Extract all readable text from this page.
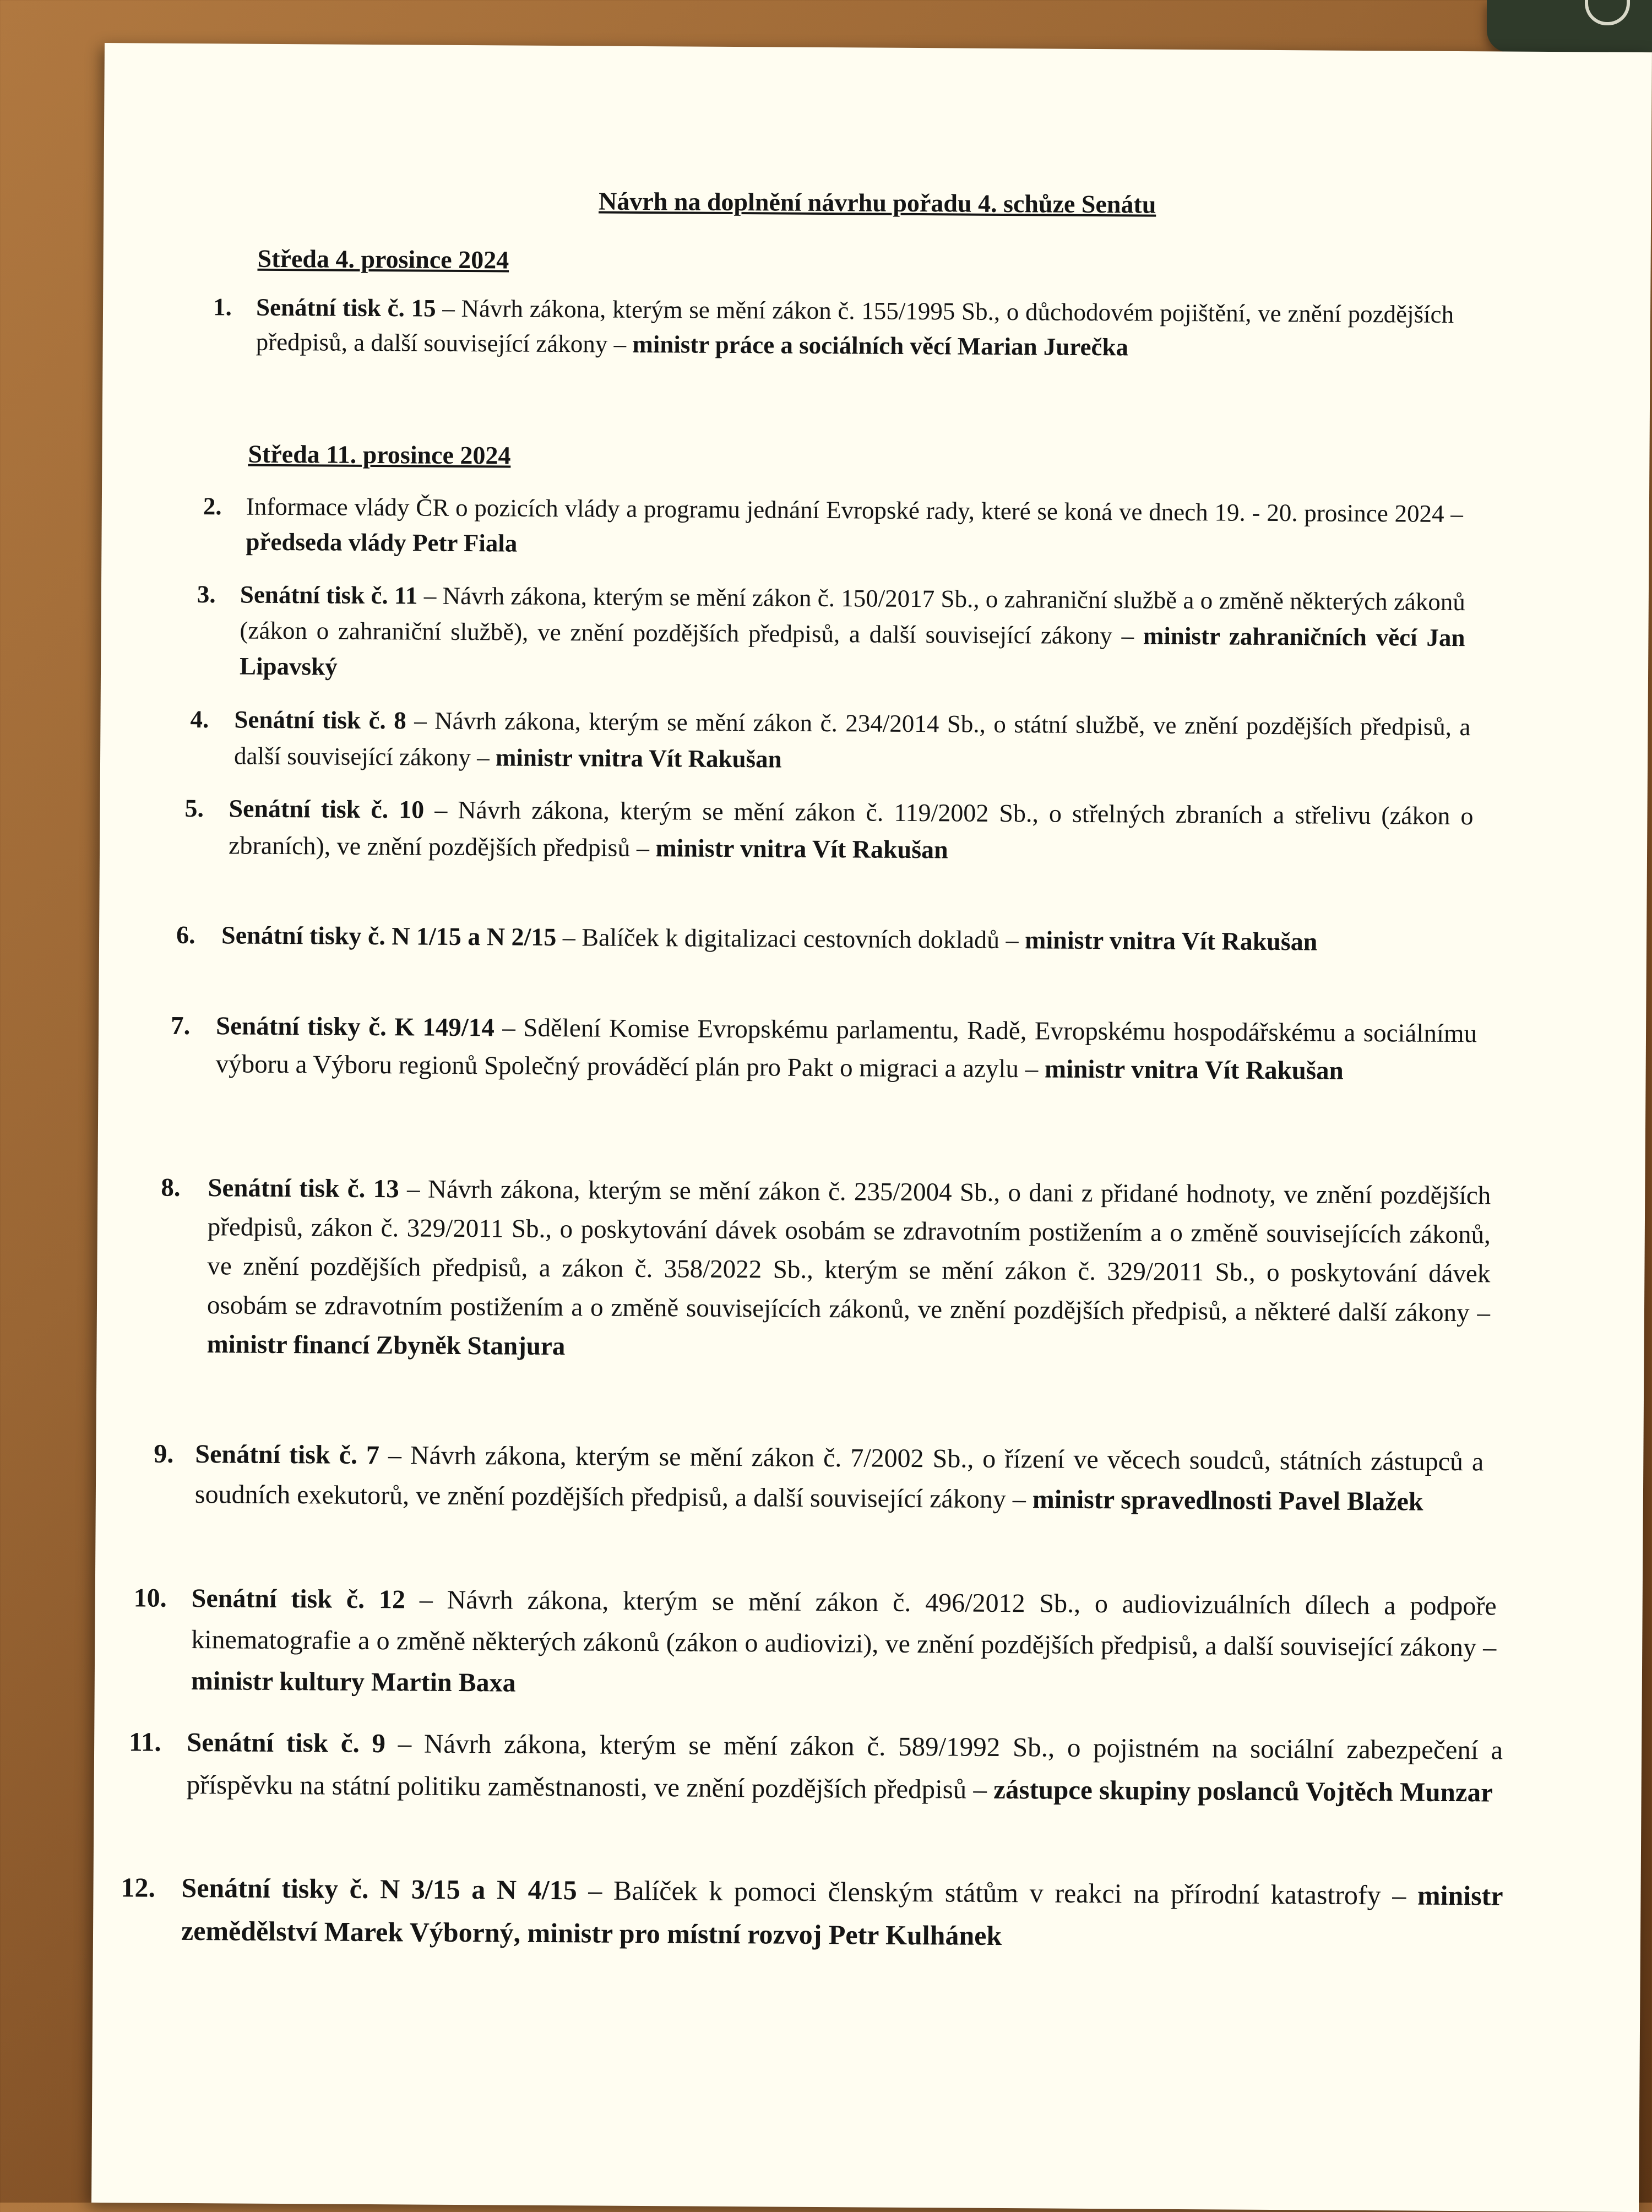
Návrh na doplnění návrhu pořadu 4. schůze Senátu
Středa 4. prosince 2024
1. Senátní tisk č. 15 – Návrh zákona, kterým se mění zákon č. 155/1995 Sb., o důchodovém pojištění, ve znění pozdějších předpisů, a další související zákony – ministr práce a sociálních věcí Marian Jurečka
Středa 11. prosince 2024
2. Informace vlády ČR o pozicích vlády a programu jednání Evropské rady, které se koná ve dnech 19. - 20. prosince 2024 – předseda vlády Petr Fiala
3. Senátní tisk č. 11 – Návrh zákona, kterým se mění zákon č. 150/2017 Sb., o zahraniční službě a o změně některých zákonů (zákon o zahraniční službě), ve znění pozdějších předpisů, a další související zákony – ministr zahraničních věcí Jan Lipavský
4. Senátní tisk č. 8 – Návrh zákona, kterým se mění zákon č. 234/2014 Sb., o státní službě, ve znění pozdějších předpisů, a další související zákony – ministr vnitra Vít Rakušan
5. Senátní tisk č. 10 – Návrh zákona, kterým se mění zákon č. 119/2002 Sb., o střelných zbraních a střelivu (zákon o zbraních), ve znění pozdějších předpisů – ministr vnitra Vít Rakušan
6. Senátní tisky č. N 1/15 a N 2/15 – Balíček k digitalizaci cestovních dokladů – ministr vnitra Vít Rakušan
7. Senátní tisky č. K 149/14 – Sdělení Komise Evropskému parlamentu, Radě, Evropskému hospodářskému a sociálnímu výboru a Výboru regionů Společný prováděcí plán pro Pakt o migraci a azylu – ministr vnitra Vít Rakušan
8. Senátní tisk č. 13 – Návrh zákona, kterým se mění zákon č. 235/2004 Sb., o dani z přidané hodnoty, ve znění pozdějších předpisů, zákon č. 329/2011 Sb., o poskytování dávek osobám se zdravotním postižením a o změně souvisejících zákonů, ve znění pozdějších předpisů, a zákon č. 358/2022 Sb., kterým se mění zákon č. 329/2011 Sb., o poskytování dávek osobám se zdravotním postižením a o změně souvisejících zákonů, ve znění pozdějších předpisů, a některé další zákony – ministr financí Zbyněk Stanjura
9. Senátní tisk č. 7 – Návrh zákona, kterým se mění zákon č. 7/2002 Sb., o řízení ve věcech soudců, státních zástupců a soudních exekutorů, ve znění pozdějších předpisů, a další související zákony – ministr spravedlnosti Pavel Blažek
10. Senátní tisk č. 12 – Návrh zákona, kterým se mění zákon č. 496/2012 Sb., o audiovizuálních dílech a podpoře kinematografie a o změně některých zákonů (zákon o audiovizi), ve znění pozdějších předpisů, a další související zákony – ministr kultury Martin Baxa
11. Senátní tisk č. 9 – Návrh zákona, kterým se mění zákon č. 589/1992 Sb., o pojistném na sociální zabezpečení a příspěvku na státní politiku zaměstnanosti, ve znění pozdějších předpisů – zástupce skupiny poslanců Vojtěch Munzar
12. Senátní tisky č. N 3/15 a N 4/15 – Balíček k pomoci členským státům v reakci na přírodní katastrofy – ministr zemědělství Marek Výborný, ministr pro místní rozvoj Petr Kulhánek
